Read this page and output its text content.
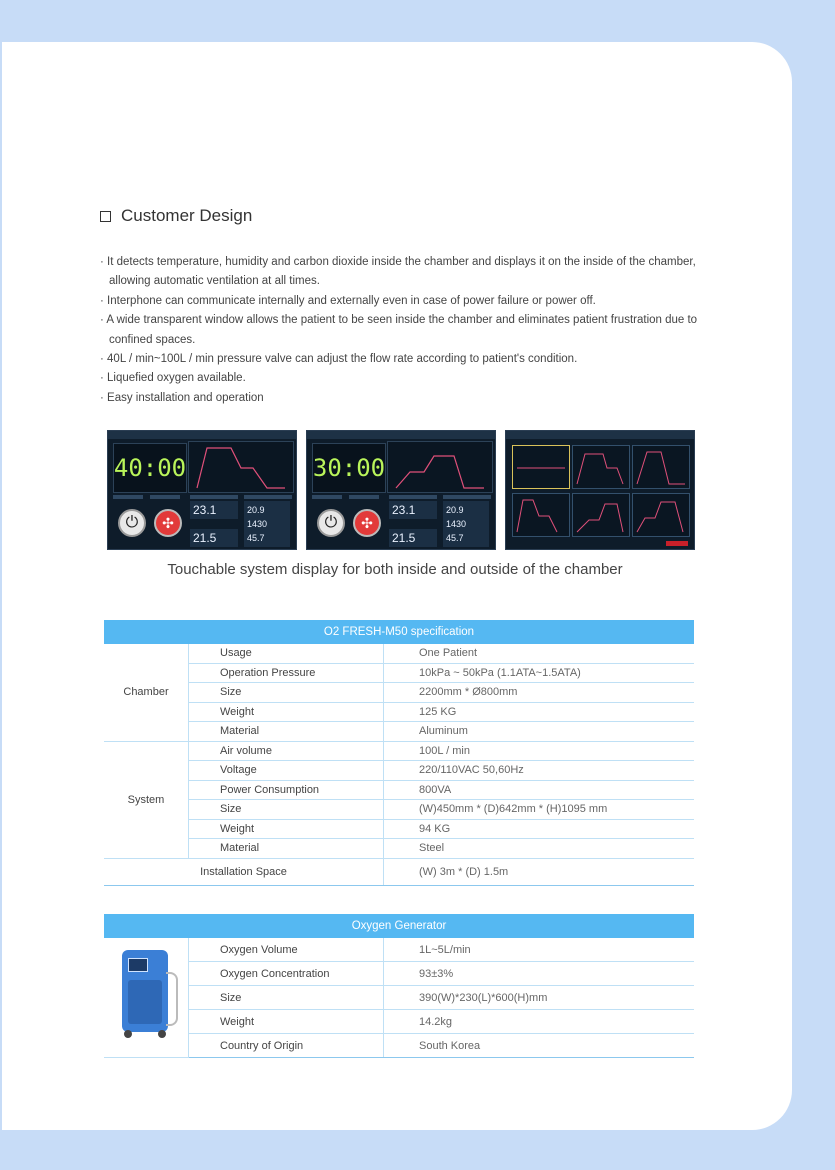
Customer Design
· It detects temperature, humidity and carbon dioxide inside the chamber and displays it on the inside of the chamber, allowing automatic ventilation at all times.
· Interphone can communicate internally and externally even in case of power failure or power off.
· A wide transparent window allows the patient to be seen inside the chamber and eliminates patient frustration due to confined spaces.
· 40L / min~100L / min pressure valve can adjust the flow rate according to patient's condition.
· Liquefied oxygen available.
· Easy installation and operation
40:00
⏻	✣
23.1	20.9
1430
21.5	45.7
30:00
⏻	✣
23.1	20.9
1430
21.5	45.7
Touchable system display for both inside and outside of the chamber
O2 FRESH-M50 specification		
Chamber	Usage	One Patient
	Operation Pressure	10kPa ~ 50kPa (1.1ATA~1.5ATA)
	Size	2200mm * Ø800mm
	Weight	125 KG
	Material	Aluminum
System	Air volume	100L / min
	Voltage	220/110VAC 50,60Hz
	Power Consumption	800VA
	Size	(W)450mm * (D)642mm * (H)1095 mm
	Weight	94 KG
	Material	Steel
Installation Space		(W) 3m * (D) 1.5m
Oxygen Generator		

	Oxygen Volume	1L~5L/min
	Oxygen Concentration	93±3%
	Size	390(W)*230(L)*600(H)mm
	Weight	14.2kg
	Country of Origin	South Korea
